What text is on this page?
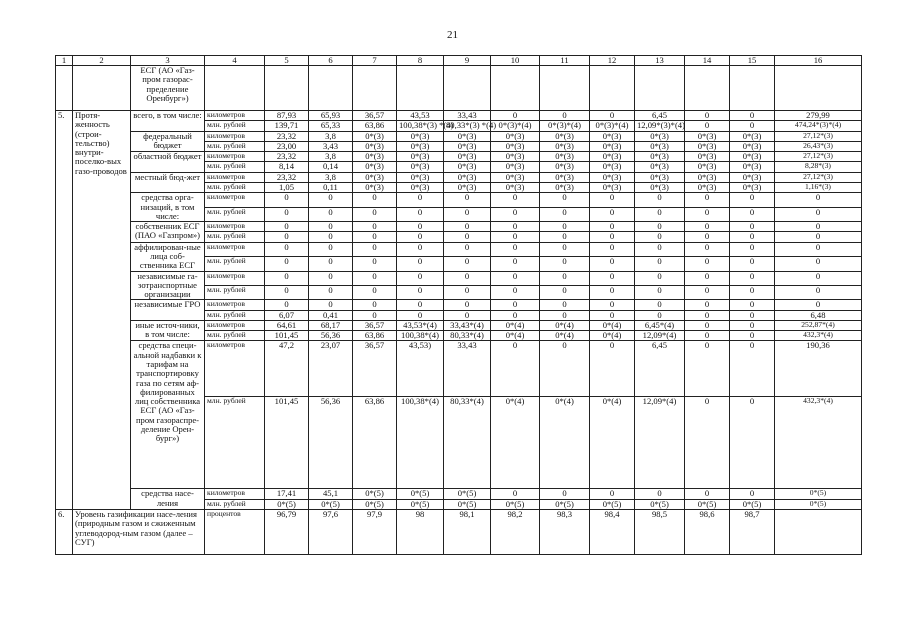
21
1	2	3	4	5	6	7	8	9	10	11	12	13	14	15	16
		ЕСГ (АО «Газ-пром газорас-пределение Оренбург»)													
5.	Протя-женность (строи-тельство) внутри-поселко-вых газо-проводов	всего, в том числе:	километров	87,93	65,93	36,57	43,53	33,43	0	0	0	6,45	0	0	279,99
			млн. рублей	139,71	65,33	63,86	100,38*(3) *(4)	80,33*(3) *(4)	0*(3)*(4)	0*(3)*(4)	0*(3)*(4)	12,09*(3)*(4)	0	0	474,24*(3)*(4)
		федеральный бюджет	километров	23,32	3,8	0*(3)	0*(3)	0*(3)	0*(3)	0*(3)	0*(3)	0*(3)	0*(3)	0*(3)	27,12*(3)
			млн. рублей	23,00	3,43	0*(3)	0*(3)	0*(3)	0*(3)	0*(3)	0*(3)	0*(3)	0*(3)	0*(3)	26,43*(3)
		областной бюджет	километров	23,32	3,8	0*(3)	0*(3)	0*(3)	0*(3)	0*(3)	0*(3)	0*(3)	0*(3)	0*(3)	27,12*(3)
			млн. рублей	8,14	0,14	0*(3)	0*(3)	0*(3)	0*(3)	0*(3)	0*(3)	0*(3)	0*(3)	0*(3)	8,28*(3)
		местный бюд-жет	километров	23,32	3,8	0*(3)	0*(3)	0*(3)	0*(3)	0*(3)	0*(3)	0*(3)	0*(3)	0*(3)	27,12*(3)
			млн. рублей	1,05	0,11	0*(3)	0*(3)	0*(3)	0*(3)	0*(3)	0*(3)	0*(3)	0*(3)	0*(3)	1,16*(3)
		средства орга-низаций, в том числе:	километров	0	0	0	0	0	0	0	0	0	0	0	0
			млн. рублей	0	0	0	0	0	0	0	0	0	0	0	0
		собственник ЕСГ (ПАО «Газпром»)	километров	0	0	0	0	0	0	0	0	0	0	0	0
			млн. рублей	0	0	0	0	0	0	0	0	0	0	0	0
		аффилирован-ные лица соб-ственника ЕСГ	километров	0	0	0	0	0	0	0	0	0	0	0	0
			млн. рублей	0	0	0	0	0	0	0	0	0	0	0	0
		независимые га-зотранспортные организации	километров	0	0	0	0	0	0	0	0	0	0	0	0
			млн. рублей	0	0	0	0	0	0	0	0	0	0	0	0
		независимые ГРО	километров	0	0	0	0	0	0	0	0	0	0	0	0
			млн. рублей	6,07	0,41	0	0	0	0	0	0	0	0	0	6,48
		иные источ-ники, в том числе:	километров	64,61	68,17	36,57	43,53*(4)	33,43*(4)	0*(4)	0*(4)	0*(4)	6,45*(4)	0	0	252,87*(4)
			млн. рублей	101,45	56,36	63,86	100,38*(4)	80,33*(4)	0*(4)	0*(4)	0*(4)	12,09*(4)	0	0	432,3*(4)
		средства специ-альной надбавки к тарифам на транспортировку газа по сетям аф-филированных лиц собственника ЕСГ (АО «Газ-пром газораспре-деление Орен-бург»)	километров	47,2	23,07	36,57	43,53)	33,43	0	0	0	6,45	0	0	190,36
			млн. рублей	101,45	56,36	63,86	100,38*(4)	80,33*(4)	0*(4)	0*(4)	0*(4)	12,09*(4)	0	0	432,3*(4)
		средства насе-ления	километров	17,41	45,1	0*(5)	0*(5)	0*(5)	0	0	0	0	0	0	0*(5)
			млн. рублей	0*(5)	0*(5)	0*(5)	0*(5)	0*(5)	0*(5)	0*(5)	0*(5)	0*(5)	0*(5)	0*(5)	0*(5)
6.	Уровень газификации насе-ления (природным газом и сжиженным углеводород-ным газом (далее – СУГ)		процентов	96,79	97,6	97,9	98	98,1	98,2	98,3	98,4	98,5	98,6	98,7	
